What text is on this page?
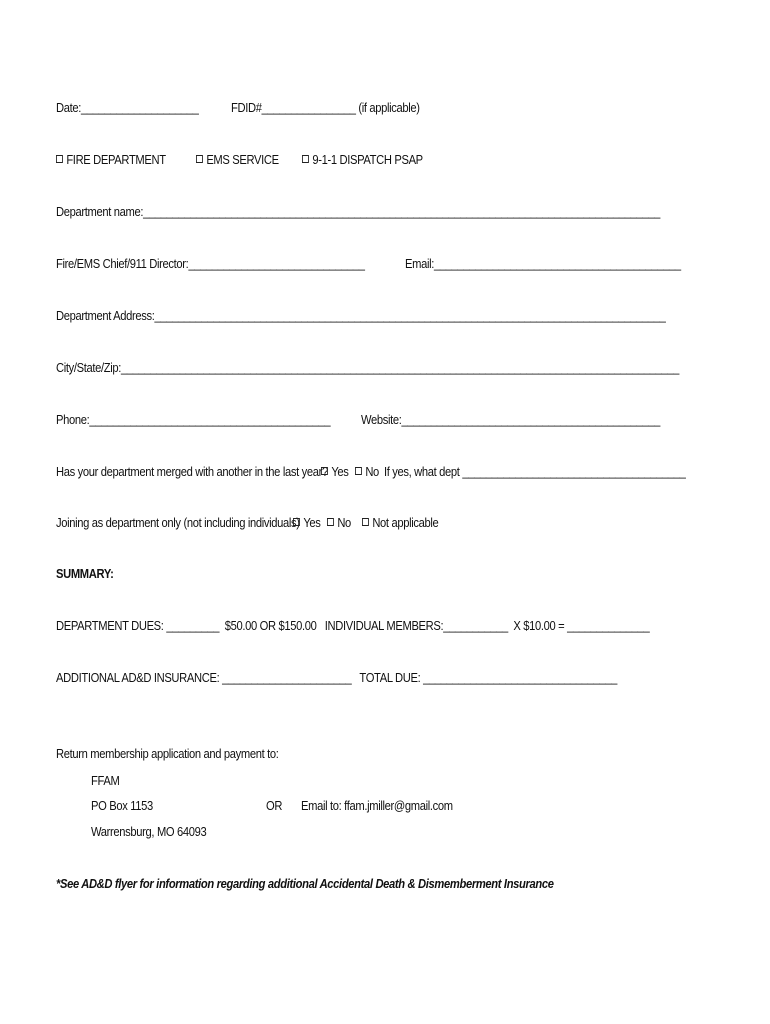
Date:____________________	FDID#________________ (if applicable)
FIRE DEPARTMENT	EMS SERVICE	9-1-1 DISPATCH PSAP
Department name:________________________________________________________________________________________
Fire/EMS Chief/911 Director:______________________________	Email:__________________________________________
Department Address:_______________________________________________________________________________________
City/State/Zip:_______________________________________________________________________________________________
Phone:_________________________________________ Website:____________________________________________
Has your department merged with another in the last year? Yes	No If yes, what dept ______________________________________
Joining as department only (not including individuals) Yes	No	Not applicable
SUMMARY:
DEPARTMENT DUES: _________  $50.00 OR $150.00   INDIVIDUAL MEMBERS:___________  X $10.00 = ______________
ADDITIONAL AD&D INSURANCE: ______________________   TOTAL DUE: _________________________________
Return membership application and payment to:
FFAM
PO Box 1153	OR Email to: ffam.jmiller@gmail.com
Warrensburg, MO 64093
*See AD&D flyer for information regarding additional Accidental Death & Dismemberment Insurance
